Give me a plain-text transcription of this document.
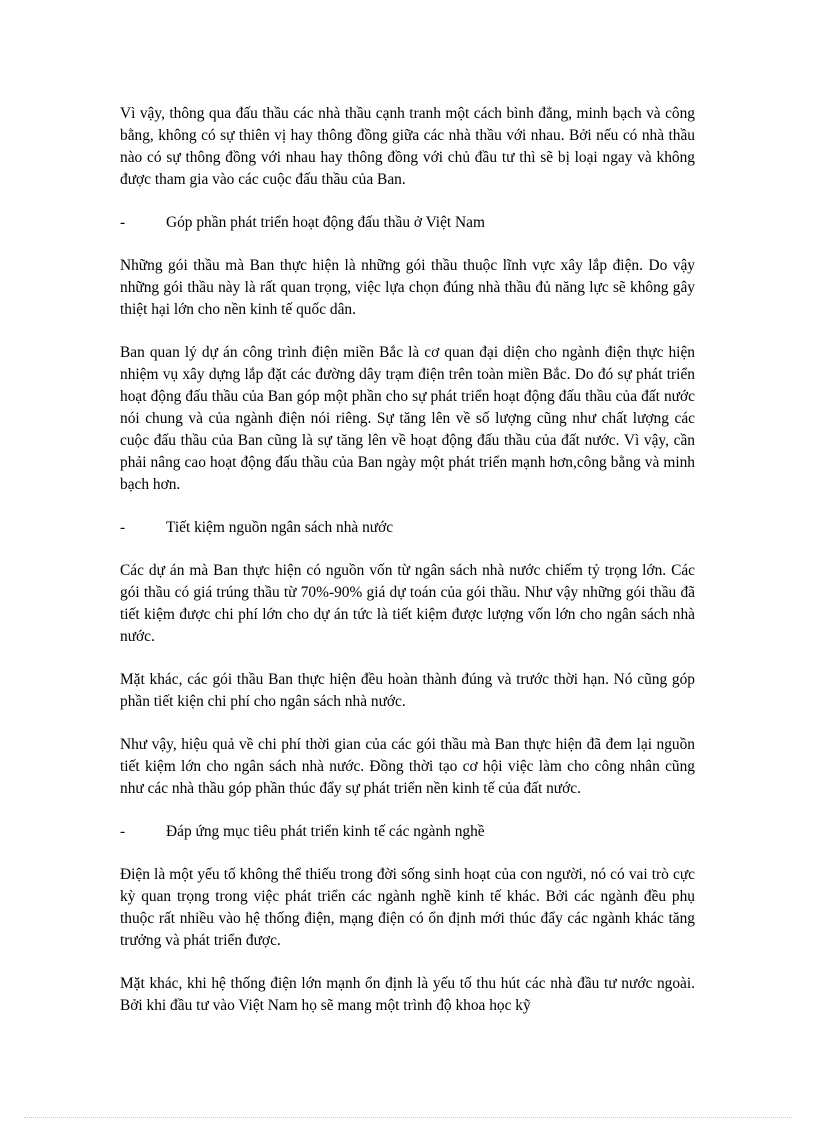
Vì vậy, thông qua đấu thầu các nhà thầu cạnh tranh một cách bình đẳng, minh bạch và công bằng, không có sự thiên vị hay thông đồng giữa các nhà thầu với nhau. Bởi nếu có nhà thầu nào có sự thông đồng với nhau hay thông đồng với chủ đầu tư thì sẽ bị loại ngay và không được tham gia vào các cuộc đấu thầu của Ban.

-	Góp phần phát triển hoạt động đấu thầu ở Việt Nam

Những gói thầu mà Ban thực hiện là những gói thầu thuộc lĩnh vực xây lắp điện. Do vậy những gói thầu này là rất quan trọng, việc lựa chọn đúng nhà thầu đủ năng lực sẽ không gây thiệt hại lớn cho nền kinh tế quốc dân.

Ban quan lý dự án công trình điện miền Bắc là cơ quan đại diện cho ngành điện thực hiện nhiệm vụ xây dựng lắp đặt các đường dây trạm điện trên toàn miền Bắc. Do đó sự phát triển hoạt động đấu thầu của Ban góp một phần cho sự phát triển hoạt động đấu thầu của đất nước nói chung và của ngành điện nói riêng. Sự tăng lên về số lượng cũng như chất lượng các cuộc đấu thầu của Ban cũng là sự tăng lên về hoạt động đấu thầu của đất nước. Vì vậy, cần phải nâng cao hoạt động đấu thầu của Ban ngày một phát triển mạnh hơn,công bằng và minh bạch hơn.

-	Tiết kiệm nguồn ngân sách nhà nước

Các dự án mà Ban thực hiện có nguồn vốn từ ngân sách nhà nước chiếm tỷ trọng lớn. Các gói thầu có giá trúng thầu từ 70%-90% giá dự toán của gói thầu. Như vậy những gói thầu đã tiết kiệm được chi phí lớn cho dự án tức là tiết kiệm được lượng vốn lớn cho ngân sách nhà nước.

Mặt khác, các gói thầu Ban thực hiện đều hoàn thành đúng và trước thời hạn. Nó cũng góp phần tiết kiện chi phí cho ngân sách nhà nước.

Như vậy, hiệu quả về chi phí thời gian của các gói thầu mà Ban thực hiện đã đem lại nguồn tiết kiệm lớn cho ngân sách nhà nước. Đồng thời tạo cơ hội việc làm cho công nhân cũng như các nhà thầu góp phần thúc đẩy sự phát triển nền kinh tế của đất nước.

-	Đáp ứng mục tiêu phát triển kinh tế các ngành nghề

Điện là một yếu tố không thể thiếu trong đời sống sinh hoạt của con người, nó có vai trò cực kỳ quan trọng trong việc phát triển các ngành nghề kinh tế khác. Bởi các ngành đều phụ thuộc rất nhiều vào hệ thống điện, mạng điện có ổn định mới thúc đẩy các ngành khác tăng trưởng và phát triển được.

Mặt khác, khi hệ thống điện lớn mạnh ổn định là yếu tố thu hút các nhà đầu tư nước ngoài. Bởi khi đầu tư vào Việt Nam họ sẽ mang một trình độ khoa học kỹ
